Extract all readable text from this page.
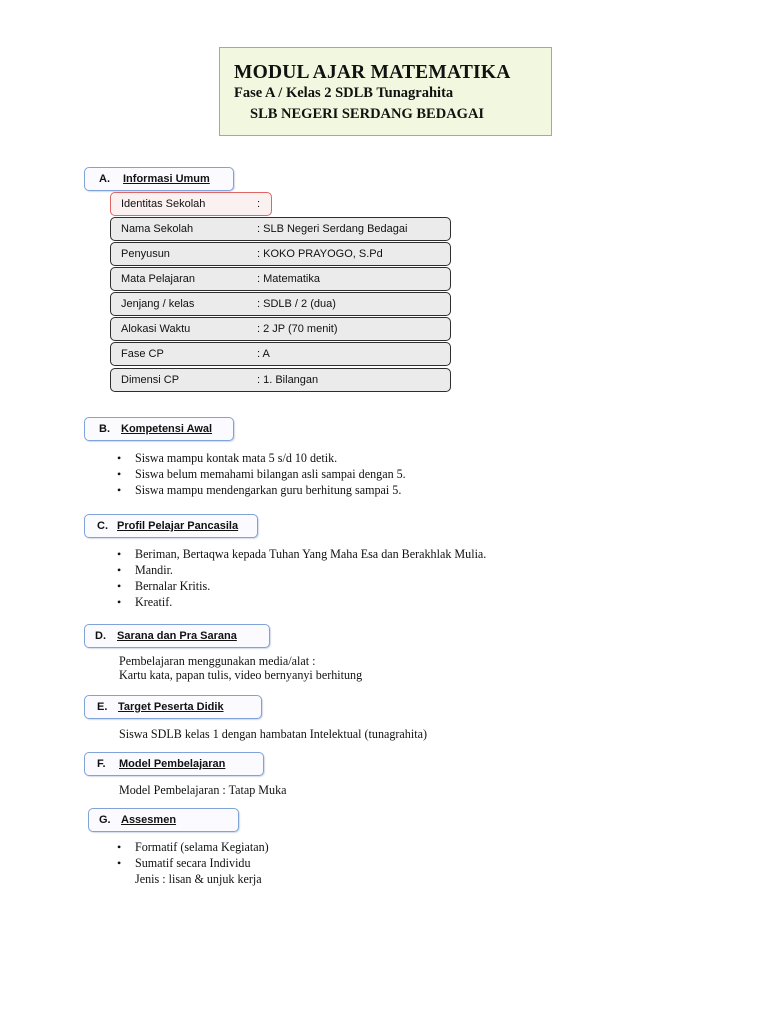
MODUL AJAR MATEMATIKA
Fase A / Kelas 2 SDLB Tunagrahita
SLB NEGERI SERDANG BEDAGAI
A. Informasi Umum
Identitas Sekolah	:
Nama Sekolah	: SLB Negeri Serdang Bedagai
Penyusun	: KOKO PRAYOGO, S.Pd
Mata Pelajaran	: Matematika
Jenjang / kelas	: SDLB / 2 (dua)
Alokasi Waktu	: 2 JP (70 menit)
Fase CP	: A
Dimensi CP	: 1. Bilangan
B. Kompetensi Awal
• Siswa mampu kontak mata 5 s/d 10 detik.
• Siswa belum memahami bilangan asli sampai dengan 5.
• Siswa mampu mendengarkan guru berhitung sampai 5.
C. Profil Pelajar Pancasila
• Beriman, Bertaqwa kepada Tuhan Yang Maha Esa dan Berakhlak Mulia.
• Mandir.
• Bernalar Kritis.
• Kreatif.
D. Sarana dan Pra Sarana
Pembelajaran menggunakan media/alat :
Kartu kata, papan tulis, video bernyanyi berhitung
E. Target Peserta Didik
Siswa SDLB kelas 1 dengan hambatan Intelektual (tunagrahita)
F. Model Pembelajaran
Model Pembelajaran : Tatap Muka
G. Assesmen
• Formatif (selama Kegiatan)
• Sumatif secara Individu
Jenis : lisan & unjuk kerja
